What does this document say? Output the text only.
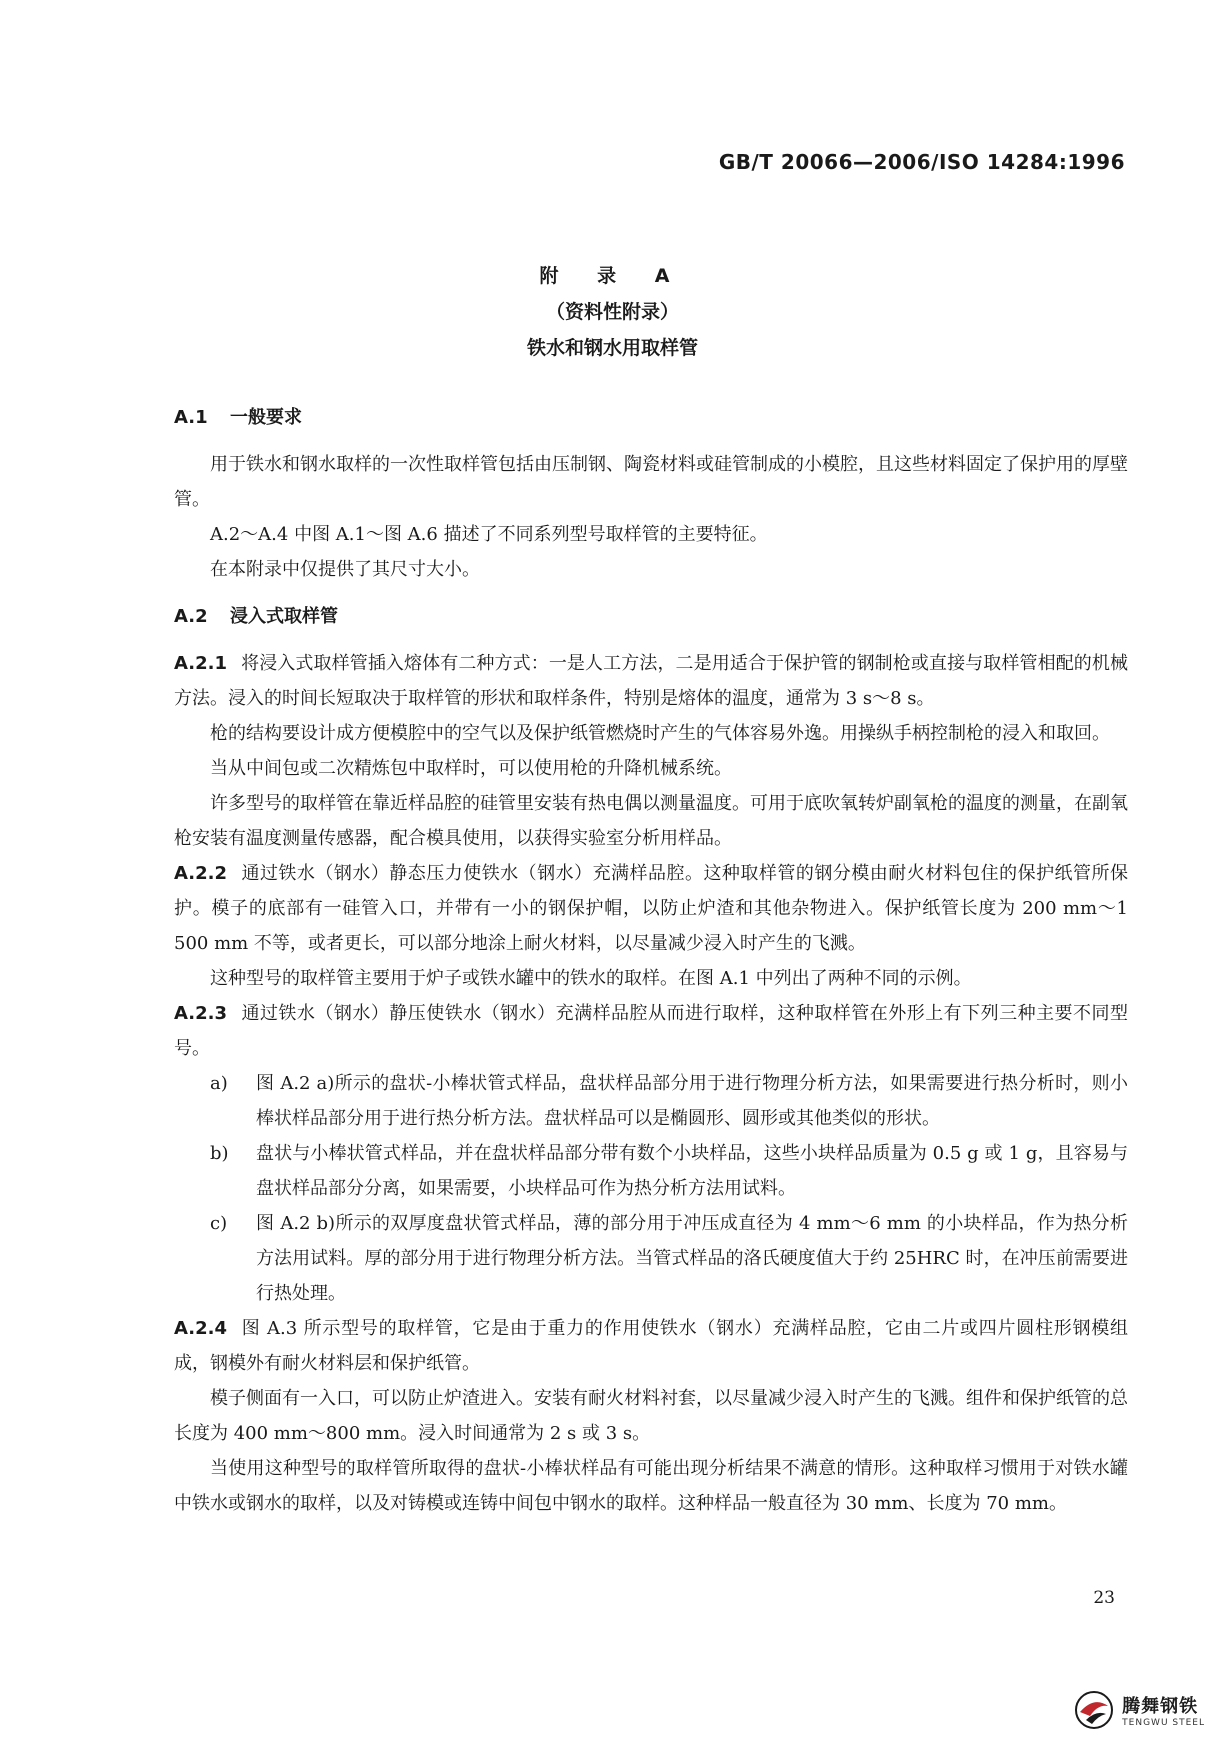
GB/T 20066—2006/ISO 14284:1996
附 录 A
（资料性附录）
铁水和钢水用取样管
A.1 一般要求

用于铁水和钢水取样的一次性取样管包括由压制钢、陶瓷材料或硅管制成的小模腔，且这些材料固定了保护用的厚壁管。

A.2～A.4 中图 A.1～图 A.6 描述了不同系列型号取样管的主要特征。

在本附录中仅提供了其尺寸大小。

A.2 浸入式取样管

A.2.1 将浸入式取样管插入熔体有二种方式：一是人工方法，二是用适合于保护管的钢制枪或直接与取样管相配的机械方法。浸入的时间长短取决于取样管的形状和取样条件，特别是熔体的温度，通常为 3 s～8 s。

枪的结构要设计成方便模腔中的空气以及保护纸管燃烧时产生的气体容易外逸。用操纵手柄控制枪的浸入和取回。

当从中间包或二次精炼包中取样时，可以使用枪的升降机械系统。

许多型号的取样管在靠近样品腔的硅管里安装有热电偶以测量温度。可用于底吹氧转炉副氧枪的温度的测量，在副氧枪安装有温度测量传感器，配合模具使用，以获得实验室分析用样品。

A.2.2 通过铁水（钢水）静态压力使铁水（钢水）充满样品腔。这种取样管的钢分模由耐火材料包住的保护纸管所保护。模子的底部有一硅管入口，并带有一小的钢保护帽，以防止炉渣和其他杂物进入。保护纸管长度为 200 mm～1 500 mm 不等，或者更长，可以部分地涂上耐火材料，以尽量减少浸入时产生的飞溅。

这种型号的取样管主要用于炉子或铁水罐中的铁水的取样。在图 A.1 中列出了两种不同的示例。

A.2.3 通过铁水（钢水）静压使铁水（钢水）充满样品腔从而进行取样，这种取样管在外形上有下列三种主要不同型号。

a)	图 A.2 a)所示的盘状-小棒状管式样品，盘状样品部分用于进行物理分析方法，如果需要进行热分析时，则小棒状样品部分用于进行热分析方法。盘状样品可以是椭圆形、圆形或其他类似的形状。
b)	盘状与小棒状管式样品，并在盘状样品部分带有数个小块样品，这些小块样品质量为 0.5 g 或 1 g，且容易与盘状样品部分分离，如果需要，小块样品可作为热分析方法用试料。
c)	图 A.2 b)所示的双厚度盘状管式样品，薄的部分用于冲压成直径为 4 mm～6 mm 的小块样品，作为热分析方法用试料。厚的部分用于进行物理分析方法。当管式样品的洛氏硬度值大于约 25HRC 时，在冲压前需要进行热处理。

A.2.4 图 A.3 所示型号的取样管，它是由于重力的作用使铁水（钢水）充满样品腔，它由二片或四片圆柱形钢模组成，钢模外有耐火材料层和保护纸管。

模子侧面有一入口，可以防止炉渣进入。安装有耐火材料衬套，以尽量减少浸入时产生的飞溅。组件和保护纸管的总长度为 400 mm～800 mm。浸入时间通常为 2 s 或 3 s。

当使用这种型号的取样管所取得的盘状-小棒状样品有可能出现分析结果不满意的情形。这种取样习惯用于对铁水罐中铁水或钢水的取样，以及对铸模或连铸中间包中钢水的取样。这种样品一般直径为 30 mm、长度为 70 mm。

23
腾舞钢铁
TENGWU STEEL
